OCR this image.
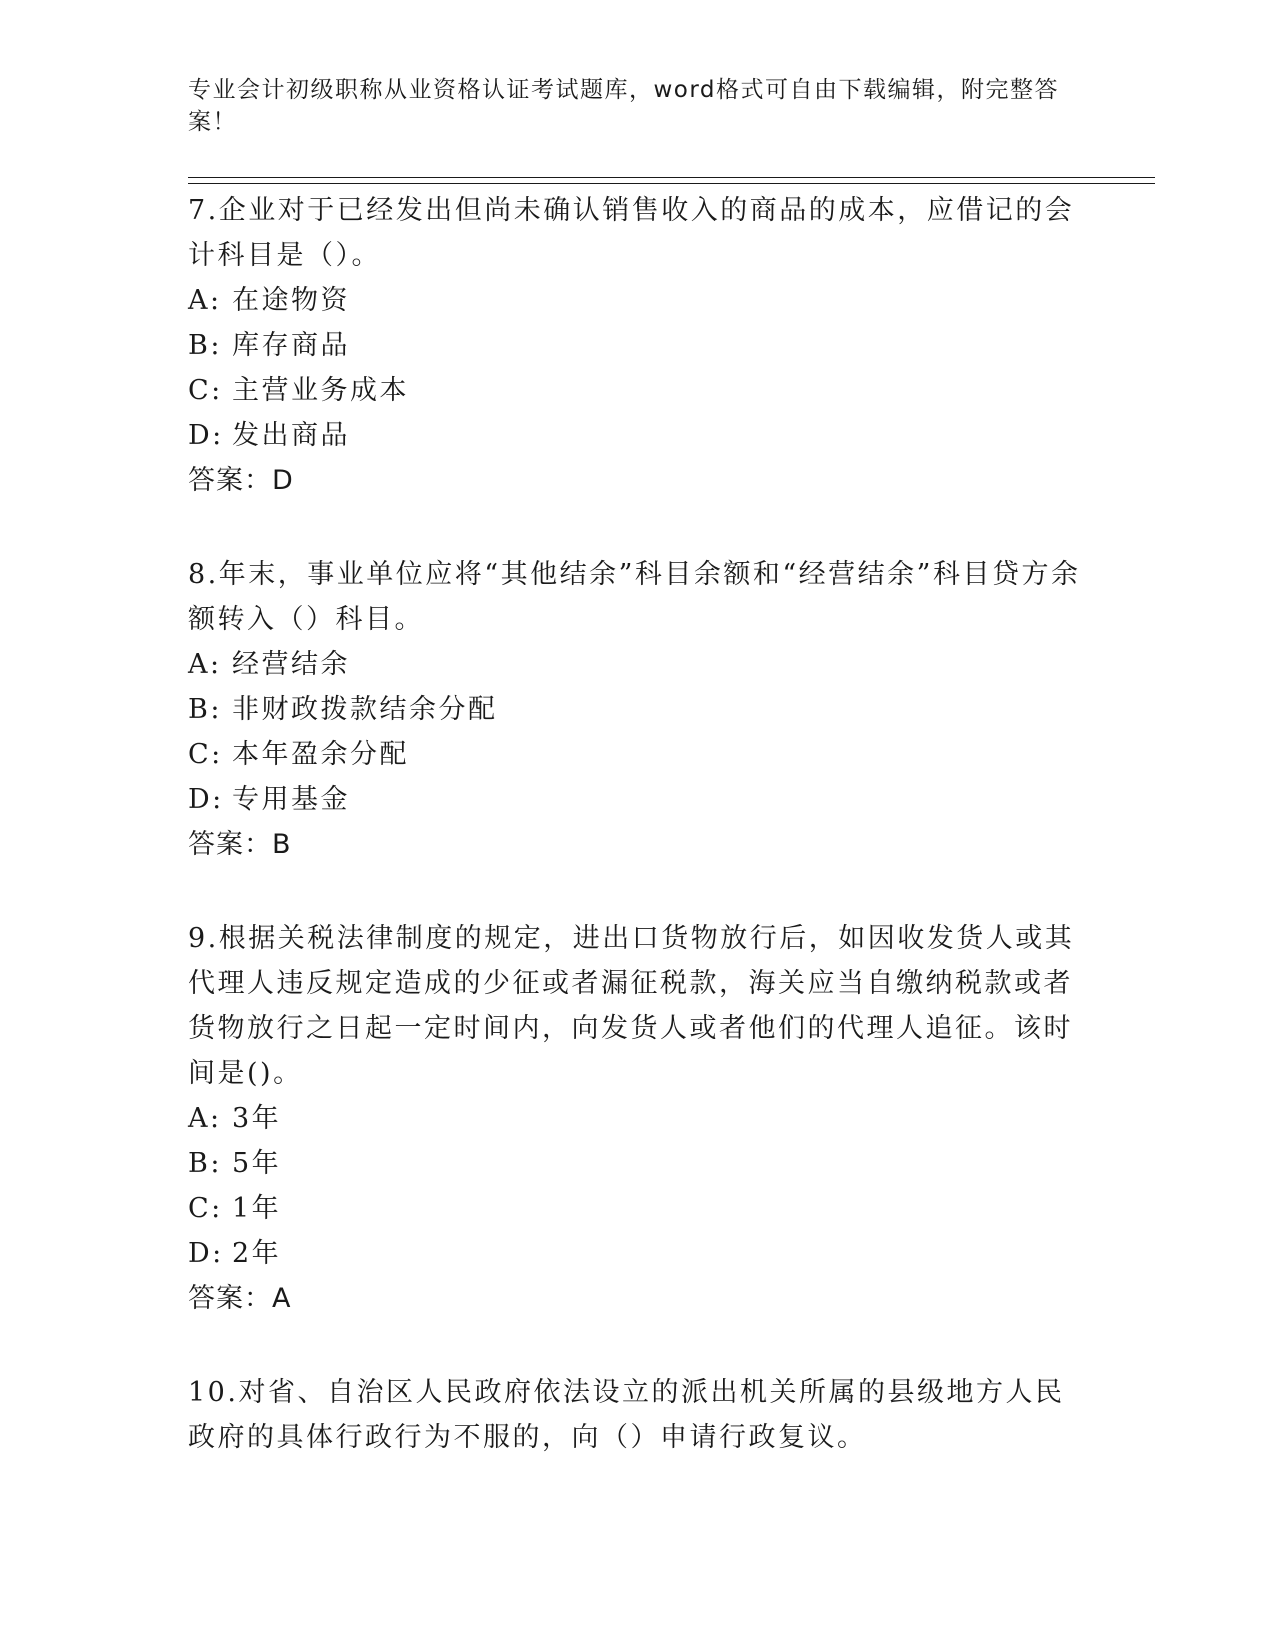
专业会计初级职称从业资格认证考试题库，word格式可自由下载编辑，附完整答案！

7.企业对于已经发出但尚未确认销售收入的商品的成本，应借记的会计科目是（）。

A: 在途物资

B: 库存商品

C: 主营业务成本

D: 发出商品

答案：D

8.年末，事业单位应将“其他结余”科目余额和“经营结余”科目贷方余额转入（）科目。

A: 经营结余

B: 非财政拨款结余分配

C: 本年盈余分配

D: 专用基金

答案：B

9.根据关税法律制度的规定，进出口货物放行后，如因收发货人或其代理人违反规定造成的少征或者漏征税款，海关应当自缴纳税款或者货物放行之日起一定时间内，向发货人或者他们的代理人追征。该时间是()。

A: 3年

B: 5年

C: 1年

D: 2年

答案：A

10.对省、自治区人民政府依法设立的派出机关所属的县级地方人民政府的具体行政行为不服的，向（）申请行政复议。
